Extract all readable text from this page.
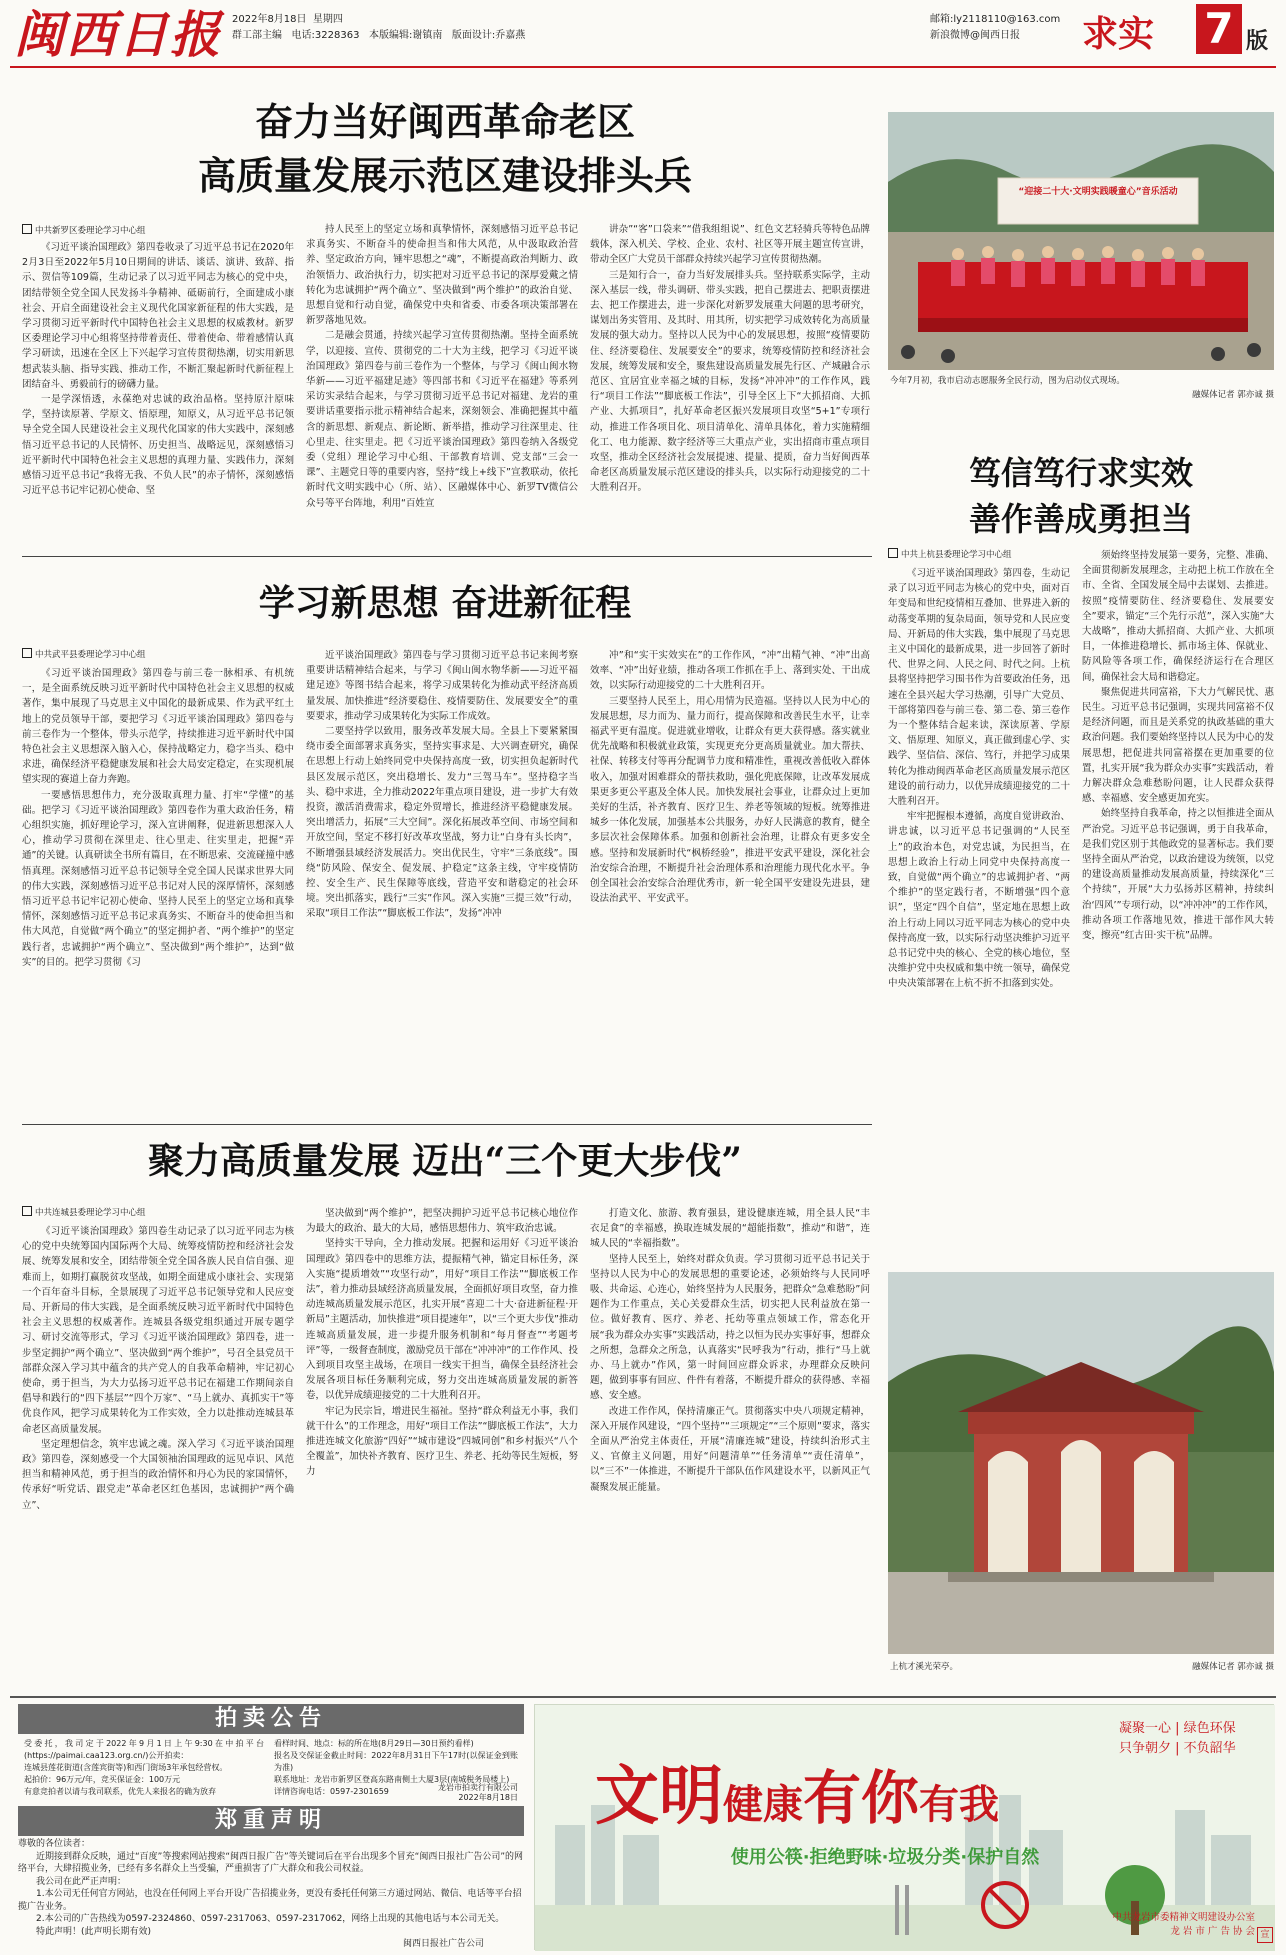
闽西日报 2022年8月18日 星期四
群工部主编 电话:3228363 本版编辑:谢镇南 版面设计:乔嘉燕
邮箱:ly2118110@163.com
新浪微博@闽西日报 求实	7 版
奋力当好闽西革命老区
高质量发展示范区建设排头兵
中共新罗区委理论学习中心组

《习近平谈治国理政》第四卷收录了习近平总书记在2020年2月3日至2022年5月10日期间的讲话、谈话、演讲、致辞、指示、贺信等109篇，生动记录了以习近平同志为核心的党中央，团结带领全党全国人民发扬斗争精神、砥砺前行，全面建成小康社会、开启全面建设社会主义现代化国家新征程的伟大实践，是学习贯彻习近平新时代中国特色社会主义思想的权威教材。新罗区委理论学习中心组将坚持带着责任、带着使命、带着感情认真学习研读，迅速在全区上下兴起学习宣传贯彻热潮，切实用新思想武装头脑、指导实践、推动工作，不断汇聚起新时代新征程上团结奋斗、勇毅前行的磅礴力量。

一是学深悟透，永葆绝对忠诚的政治品格。坚持原汁原味学，坚持读原著、学原文、悟原理，知原义，从习近平总书记领导全党全国人民建设社会主义现代化国家的伟大实践中，深刻感悟习近平总书记的人民情怀、历史担当、战略远见，深刻感悟习近平新时代中国特色社会主义思想的真理力量、实践伟力，深刻感悟习近平总书记“我将无我、不负人民”的赤子情怀，深刻感悟习近平总书记牢记初心使命、坚

持人民至上的坚定立场和真挚情怀，深刻感悟习近平总书记求真务实、不断奋斗的使命担当和伟大风范，从中汲取政治营养、坚定政治方向，锤牢思想之“魂”，不断提高政治判断力、政治领悟力、政治执行力，切实把对习近平总书记的深厚爱戴之情转化为忠诚拥护“两个确立”、坚决做到“两个维护”的政治自觉、思想自觉和行动自觉，确保党中央和省委、市委各项决策部署在新罗落地见效。

二是融会贯通，持续兴起学习宣传贯彻热潮。坚持全面系统学，以迎接、宣传、贯彻党的二十大为主线，把学习《习近平谈治国理政》第四卷与前三卷作为一个整体，与学习《闽山闽水物华新——习近平福建足迹》等四部书和《习近平在福建》等系列采访实录结合起来，与学习贯彻习近平总书记对福建、龙岩的重要讲话重要指示批示精神结合起来，深刻领会、准确把握其中蕴含的新思想、新观点、新论断、新举措，推动学习往深里走、往心里走、往实里走。把《习近平谈治国理政》第四卷纳入各级党委（党组）理论学习中心组、干部教育培训、党支部“三会一课”、主题党日等的重要内容，坚持“线上+线下”宣教联动，依托新时代文明实践中心（所、站）、区融媒体中心、新罗TV微信公众号等平台阵地，利用“百姓宣

讲杂”“客”口袋来”“借我组组说”、红色文艺轻骑兵等特色品牌载体，深入机关、学校、企业、农村、社区等开展主题宣传宣讲，带动全区广大党员干部群众持续兴起学习宣传贯彻热潮。

三是知行合一，奋力当好发展排头兵。坚持联系实际学，主动深入基层一线，带头调研、带头实践，把自己摆进去、把职责摆进去、把工作摆进去，进一步深化对新罗发展重大问题的思考研究，谋划出务实管用、及其时、用其所，切实把学习成效转化为高质量发展的强大动力。坚持以人民为中心的发展思想，按照“疫情要防住、经济要稳住、发展要安全”的要求，统筹疫情防控和经济社会发展，统筹发展和安全，聚焦建设高质量发展先行区、产城融合示范区、宜居宜业幸福之城的目标，发扬“冲冲冲”的工作作风，践行“项目工作法”“脚底板工作法”，引导全区上下“大抓招商、大抓产业、大抓项目”，扎好革命老区振兴发展项目攻坚“5+1”专项行动，推进工作各项目化、项目清单化、清单具体化，着力实施精细化工、电力能源、数字经济等三大重点产业，实出招商市重点项目攻坚，推动全区经济社会发展提速、提量、提质，奋力当好闽西革命老区高质量发展示范区建设的排头兵，以实际行动迎接党的二十大胜利召开。

“迎接二十大·文明实践暖童心”音乐活动
今年7月初，我市启动志愿服务全民行动，图为启动仪式现场。
融媒体记者 郭亦诚 摄
笃信笃行求实效
善作善成勇担当
中共上杭县委理论学习中心组

《习近平谈治国理政》第四卷，生动记录了以习近平同志为核心的党中央，面对百年变局和世纪疫情相互叠加、世界进入新的动荡变革期的复杂局面，领导党和人民应变局、开新局的伟大实践，集中展现了马克思主义中国化的最新成果，进一步回答了新时代、世界之问、人民之问、时代之问。上杭县将坚持把学习围书作为首要政治任务，迅速在全县兴起大学习热潮，引导广大党员、干部将第四卷与前三卷、第二卷、第三卷作为一个整体结合起来读，深读原著、学原文、悟原理、知原义，真正做到虚心学、实践学、坚信信、深信、笃行，并把学习成果转化为推动闽西革命老区高质量发展示范区建设的前行动力，以优异成绩迎接党的二十大胜利召开。

牢牢把握根本遵循，高度自觉讲政治、讲忠诚，以习近平总书记强调的“人民至上”的政治本色，对党忠诚，为民担当，在思想上政治上行动上同党中央保持高度一致，自觉做“两个确立”的忠诚拥护者、“两个维护”的坚定践行者，不断增强“四个意识”，坚定“四个自信”，坚定地在思想上政治上行动上同以习近平同志为核心的党中央保持高度一致，以实际行动坚决维护习近平总书记党中央的核心、全党的核心地位，坚决维护党中央权威和集中统一领导，确保党中央决策部署在上杭不折不扣落到实处。

须始终坚持发展第一要务，完整、准确、全面贯彻新发展理念，主动把上杭工作放在全市、全省、全国发展全局中去谋划、去推进。按照“疫情要防住、经济要稳住、发展要安全”要求，锚定“三个先行示范”，深入实施“大大战略”，推动大抓招商、大抓产业、大抓项目，一体推进稳增长、抓市场主体、保就业、防风险等各项工作，确保经济运行在合理区间，确保社会大局和谐稳定。

聚焦促进共同富裕，下大力气解民忧、惠民生。习近平总书记强调，实现共同富裕不仅是经济问题，而且是关系党的执政基础的重大政治问题。我们要始终坚持以人民为中心的发展思想，把促进共同富裕摆在更加重要的位置，扎实开展“我为群众办实事”实践活动，着力解决群众急难愁盼问题，让人民群众获得感、幸福感、安全感更加充实。

始终坚持自我革命，持之以恒推进全面从严治党。习近平总书记强调，勇于自我革命，是我们党区别于其他政党的显著标志。我们要坚持全面从严治党，以政治建设为统领，以党的建设高质量推动发展高质量，持续深化“三个持续”，开展“大力弘扬苏区精神，持续纠治‘四风’”专项行动，以“冲冲冲”的工作作风，推动各项工作落地见效，推进干部作风大转变，擦亮“红古田·实干杭”品牌。

学习新思想 奋进新征程
中共武平县委理论学习中心组

《习近平谈治国理政》第四卷与前三卷一脉相承、有机统一，是全面系统反映习近平新时代中国特色社会主义思想的权威著作，集中展现了马克思主义中国化的最新成果、作为武平红土地上的党员领导干部，要把学习《习近平谈治国理政》第四卷与前三卷作为一个整体，带头示范学，持续推进习近平新时代中国特色社会主义思想深入脑入心，保持战略定力，稳字当头、稳中求进，确保经济平稳健康发展和社会大局安定稳定，在实现机展望实现的赛道上奋力奔跑。

一要感悟思想伟力，充分汲取真理力量、打牢“学懂”的基础。把学习《习近平谈治国理政》第四卷作为重大政治任务，精心组织实施，抓好理论学习，深入宣讲阐释，促进新思想深入人心，推动学习贯彻在深里走、往心里走、往实里走，把握“弄通”的关键。认真研读全书所有篇目，在不断思索、交流碰撞中感悟真理。深刻感悟习近平总书记领导全党全国人民谋求世界大同的伟大实践，深刻感悟习近平总书记对人民的深厚情怀，深刻感悟习近平总书记牢记初心使命、坚持人民至上的坚定立场和真挚情怀，深刻感悟习近平总书记求真务实、不断奋斗的使命担当和伟大风范，自觉做“两个确立”的坚定拥护者、“两个维护”的坚定践行者，忠诚拥护“两个确立”、坚决做到“两个维护”，达到“做实”的目的。把学习贯彻《习

近平谈治国理政》第四卷与学习贯彻习近平总书记来闽考察重要讲话精神结合起来，与学习《闽山闽水物华新——习近平福建足迹》等图书结合起来，将学习成果转化为推动武平经济高质量发展、加快推进“经济要稳住、疫情要防住、发展要安全”的重要要求，推动学习成果转化为实际工作成效。

二要坚持学以致用，服务改革发展大局。全县上下要紧紧围绕市委全面部署求真务实，坚持实事求是、大兴调查研究，确保在思想上行动上始终同党中央保持高度一致，切实担负起新时代县区发展示范区，突出稳增长、发力“三驾马车”。坚持稳字当头、稳中求进，全力推动2022年重点项目建设，进一步扩大有效投资，激活消费需求，稳定外贸增长，推进经济平稳健康发展。突出增活力，拓展“三大空间”。深化拓展改革空间、市场空间和开放空间，坚定不移打好改革攻坚战，努力让“白身有头长肉”，不断增强县域经济发展活力。突出优民生，守牢“三条底线”。围绕“防风险、保安全、促发展、护稳定”这条主线，守牢疫情防控、安全生产、民生保障等底线，营造平安和谐稳定的社会环境。突出抓落实，践行“三实”作风。深入实施“三提三效”行动，采取“项目工作法”“脚底板工作法”，发扬“冲冲

冲”和“实干实效实在”的工作作风，“冲”出精气神、“冲”出高效率、“冲”出好业绩，推动各项工作抓在手上、落到实处、干出成效，以实际行动迎接党的二十大胜利召开。

三要坚持人民至上，用心用情为民造福。坚持以人民为中心的发展思想，尽力而为、量力而行，提高保障和改善民生水平，让幸福武平更有温度。促进就业增收，让群众有更大获得感。落实就业优先战略和积极就业政策，实现更充分更高质量就业。加大帮扶、社保、转移支付等再分配调节力度和精准性，重视改善低收入群体收入，加强对困难群众的帮扶救助，强化兜底保障，让改革发展成果更多更公平惠及全体人民。加快发展社会事业，让群众过上更加美好的生活，补齐教育、医疗卫生、养老等领域的短板。统筹推进城乡一体化发展，加强基本公共服务，办好人民满意的教育，健全多层次社会保障体系。加强和创新社会治理，让群众有更多安全感。坚持和发展新时代“枫桥经验”，推进平安武平建设，深化社会治安综合治理，不断提升社会治理体系和治理能力现代化水平。争创全国社会治安综合治理优秀市，新一轮全国平安建设先进县，建设法治武平、平安武平。

聚力高质量发展 迈出“三个更大步伐”
中共连城县委理论学习中心组

《习近平谈治国理政》第四卷生动记录了以习近平同志为核心的党中央统筹国内国际两个大局、统筹疫情防控和经济社会发展、统筹发展和安全，团结带领全党全国各族人民自信自强、迎难而上，如期打赢脱贫攻坚战，如期全面建成小康社会、实现第一个百年奋斗目标，全景展现了习近平总书记领导党和人民应变局、开新局的伟大实践，是全面系统反映习近平新时代中国特色社会主义思想的权威著作。连城县各级党组织通过开展专题学习、研讨交流等形式，学习《习近平谈治国理政》第四卷，进一步坚定拥护“两个确立”、坚决做到“两个维护”，号召全县党员干部群众深入学习其中蕴含的共产党人的自我革命精神，牢记初心使命，勇于担当，为大力弘扬习近平总书记在福建工作期间亲自倡导和践行的“四下基层”“四个万家”、“马上就办、真抓实干”等优良作风，把学习成果转化为工作实效，全力以赴推动连城县革命老区高质量发展。

坚定理想信念，筑牢忠诚之魂。深入学习《习近平谈治国理政》第四卷，深刻感受一个大国领袖治国理政的远见卓识、风范担当和精神风范，勇于担当的政治情怀和丹心为民的家国情怀，传承好“听党话、跟党走”革命老区红色基因，忠诚拥护“两个确立”、

坚决做到“两个维护”，把坚决拥护习近平总书记核心地位作为最大的政治、最大的大局，感悟思想伟力、筑牢政治忠诚。

坚持实干导向，全力推动发展。把握和运用好《习近平谈治国理政》第四卷中的思维方法，提振精气神，锚定目标任务，深入实施“提质增效”“攻坚行动”，用好“项目工作法”“脚底板工作法”，着力推动县域经济高质量发展，全面抓好项目攻坚，奋力推动连城高质量发展示范区，扎实开展“喜迎二十大·奋进新征程·开新局”主题活动，加快推进“项目提速年”，以“三个更大步伐”推动连城高质量发展，进一步提升服务机制和“每月督查”“考题考评”等，一级督查制度，激励党员干部在“冲冲冲”的工作作风、投入到项目攻坚主战场，在项目一线实干担当，确保全县经济社会发展各项目标任务顺利完成，努力交出连城高质量发展的新答卷，以优异成绩迎接党的二十大胜利召开。

牢记为民宗旨，增进民生福祉。坚持“群众利益无小事，我们就干什么”的工作理念，用好“项目工作法”“脚底板工作法”，大力推进连城文化旅游“四好”“城市建设“四城同创”和乡村振兴“八个全覆盖”，加快补齐教育、医疗卫生、养老、托幼等民生短板，努力

打造文化、旅游、教育强县，建设健康连城，用全县人民“丰衣足食”的幸福感，换取连城发展的“超能指数”，推动“和谐”，连城人民的“幸福指数”。

坚持人民至上，始终对群众负责。学习贯彻习近平总书记关于坚持以人民为中心的发展思想的重要论述，必须始终与人民同呼吸、共命运、心连心，始终坚持为人民服务，把群众“急难愁盼”问题作为工作重点，关心关爱群众生活，切实把人民利益放在第一位。做好教育、医疗、养老、托幼等重点领域工作，常态化开展“我为群众办实事”实践活动，持之以恒为民办实事好事，想群众之所想，急群众之所急，认真落实“民呼我为”行动，推行“马上就办、马上就办”作风，第一时间回应群众诉求，办理群众反映问题，做到事事有回应、件件有着落，不断提升群众的获得感、幸福感、安全感。

改进工作作风，保持清廉正气。贯彻落实中央八项规定精神，深入开展作风建设，“四个坚持”“三项规定”“三个原则”要求，落实全面从严治党主体责任，开展“清廉连城”建设，持续纠治形式主义、官僚主义问题，用好“问题清单”“任务清单”“责任清单”，以“三不”一体推进，不断提升干部队伍作风建设水平，以新风正气凝聚发展正能量。

上杭才溪光荣亭。	融媒体记者 郭亦诚 摄
拍卖公告
受委托，我司定于2022年9月1日上午9:30在中拍平台(https://paimai.caa123.org.cn/)公开拍卖：
连城县莲花街道(含莲宾街等)和西门街场3年承包经营权。
起拍价：96万元/年，竞买保证金：100万元
有意竞拍者以请与我司联系，优先人来报名的确为放弃
看样时间、地点：标的所在地(8月29日—30日预约看样)
报名及交保证金截止时间：2022年8月31日下午17时(以保证金到账为准)
联系地址：龙岩市新罗区登高东路南侧土大厦3层(南城税务局楼上)
详情咨询电话：0597-2301659	龙岩市拍卖行有限公司
2022年8月18日
凝聚一心 | 绿色环保
只争朝夕 | 不负韶华
文明健康有你有我
使用公筷·拒绝野味·垃圾分类·保护自然
中共龙岩市委精神文明建设办公室
龙 岩 市 广 告 协 会 宣
郑重声明
尊敬的各位读者：
近期接到群众反映，通过“百度”等搜索网站搜索“闽西日报广告”等关键词后在平台出现多个冒充“闽西日报社广告公司”的网络平台，大肆招揽业务，已经有多名群众上当受骗，严重损害了广大群众和我公司权益。
我公司在此严正声明：
1.本公司无任何官方网站，也没在任何网上平台开设广告招揽业务，更没有委托任何第三方通过网站、微信、电话等平台招揽广告业务。
2.本公司的广告热线为0597-2324860、0597-2317063、0597-2317062，网络上出现的其他电话与本公司无关。
特此声明！(此声明长期有效)
闽西日报社广告公司
